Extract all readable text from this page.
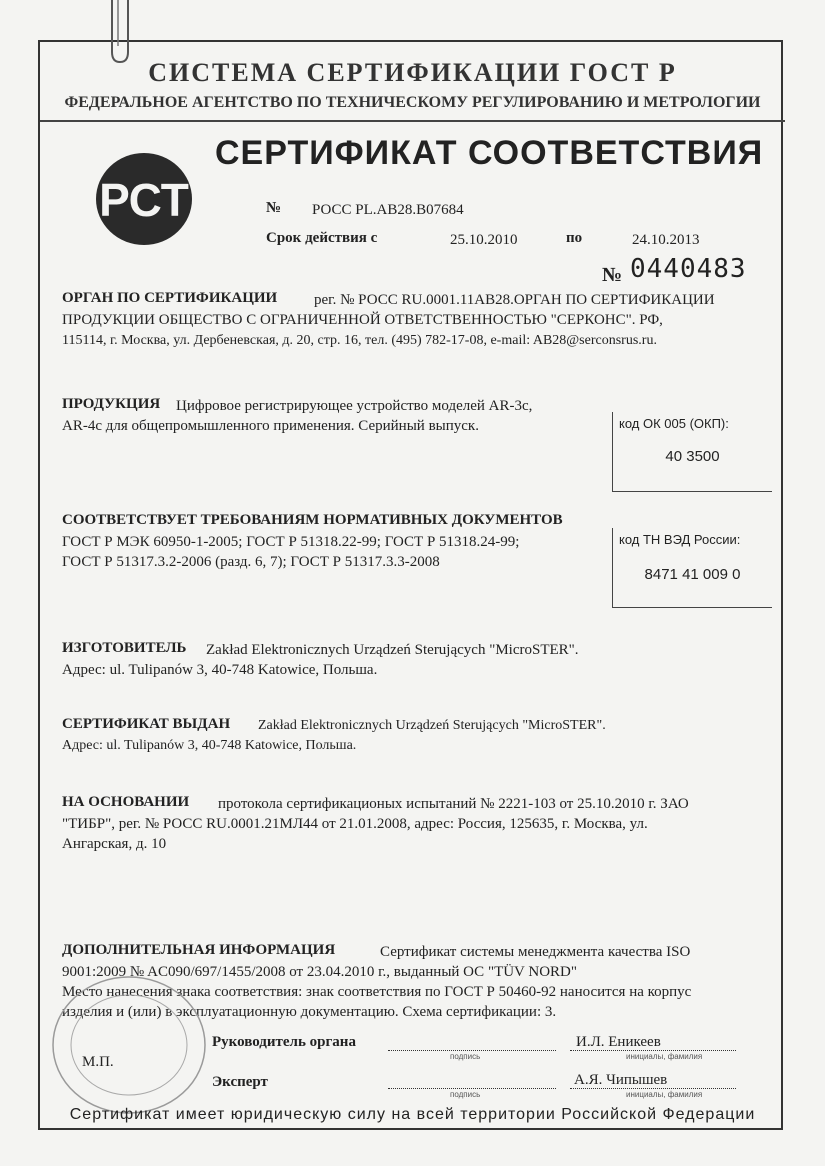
СИСТЕМА СЕРТИФИКАЦИИ ГОСТ Р
ФЕДЕРАЛЬНОЕ АГЕНТСТВО ПО ТЕХНИЧЕСКОМУ РЕГУЛИРОВАНИЮ И МЕТРОЛОГИИ
СЕРТИФИКАТ СООТВЕТСТВИЯ
РСТ	№ РОСС PL.AB28.B07684
Срок действия с	25.10.2010	по	24.10.2013
№ 0440483
ОРГАН ПО СЕРТИФИКАЦИИ рег. № РОСС RU.0001.11АВ28.ОРГАН ПО СЕРТИФИКАЦИИ
ПРОДУКЦИИ ОБЩЕСТВО С ОГРАНИЧЕННОЙ ОТВЕТСТВЕННОСТЬЮ "СЕРКОНС". РФ,
115114, г. Москва, ул. Дербеневская, д. 20, стр. 16, тел. (495) 782-17-08, e-mail: AB28@serconsrus.ru.
ПРОДУКЦИЯ Цифровое регистрирующее устройство моделей AR-3c,
AR-4c для общепромышленного применения. Серийный выпуск.	код ОК 005 (ОКП):
40 3500
СООТВЕТСТВУЕТ ТРЕБОВАНИЯМ НОРМАТИВНЫХ ДОКУМЕНТОВ
ГОСТ Р МЭК 60950-1-2005; ГОСТ Р 51318.22-99; ГОСТ Р 51318.24-99;
ГОСТ Р 51317.3.2-2006 (разд. 6, 7); ГОСТ Р 51317.3.3-2008
код ТН ВЭД России:
8471 41 009 0
ИЗГОТОВИТЕЛЬ Zakład Elektronicznych Urządzeń Sterujących "MicroSTER".
Адрес: ul. Tulipanów 3, 40-748 Katowice, Польша.
СЕРТИФИКАТ ВЫДАН Zakład Elektronicznych Urządzeń Sterujących "MicroSTER".
Адрес: ul. Tulipanów 3, 40-748 Katowice, Польша.
НА ОСНОВАНИИ протокола сертификационых испытаний № 2221-103 от 25.10.2010 г. ЗАО
"ТИБР", рег. № РОСС RU.0001.21МЛ44 от 21.01.2008, адрес: Россия, 125635, г. Москва, ул.
Ангарская, д. 10
ДОПОЛНИТЕЛЬНАЯ ИНФОРМАЦИЯ	Сертификат системы менеджмента качества ISO
9001:2009 № AC090/697/1455/2008 от 23.04.2010 г., выданный ОС "TÜV NORD"
Место нанесения знака соответствия: знак соответствия по ГОСТ Р 50460-92 наносится на корпус
изделия и (или) в эксплуатационную документацию. Схема сертификации: 3.
М.П.
Руководитель органа
подпись
И.Л. Еникеев
инициалы, фамилия
Эксперт
подпись
А.Я. Чипышев
инициалы, фамилия
Сертификат имеет юридическую силу на всей территории Российской Федерации
